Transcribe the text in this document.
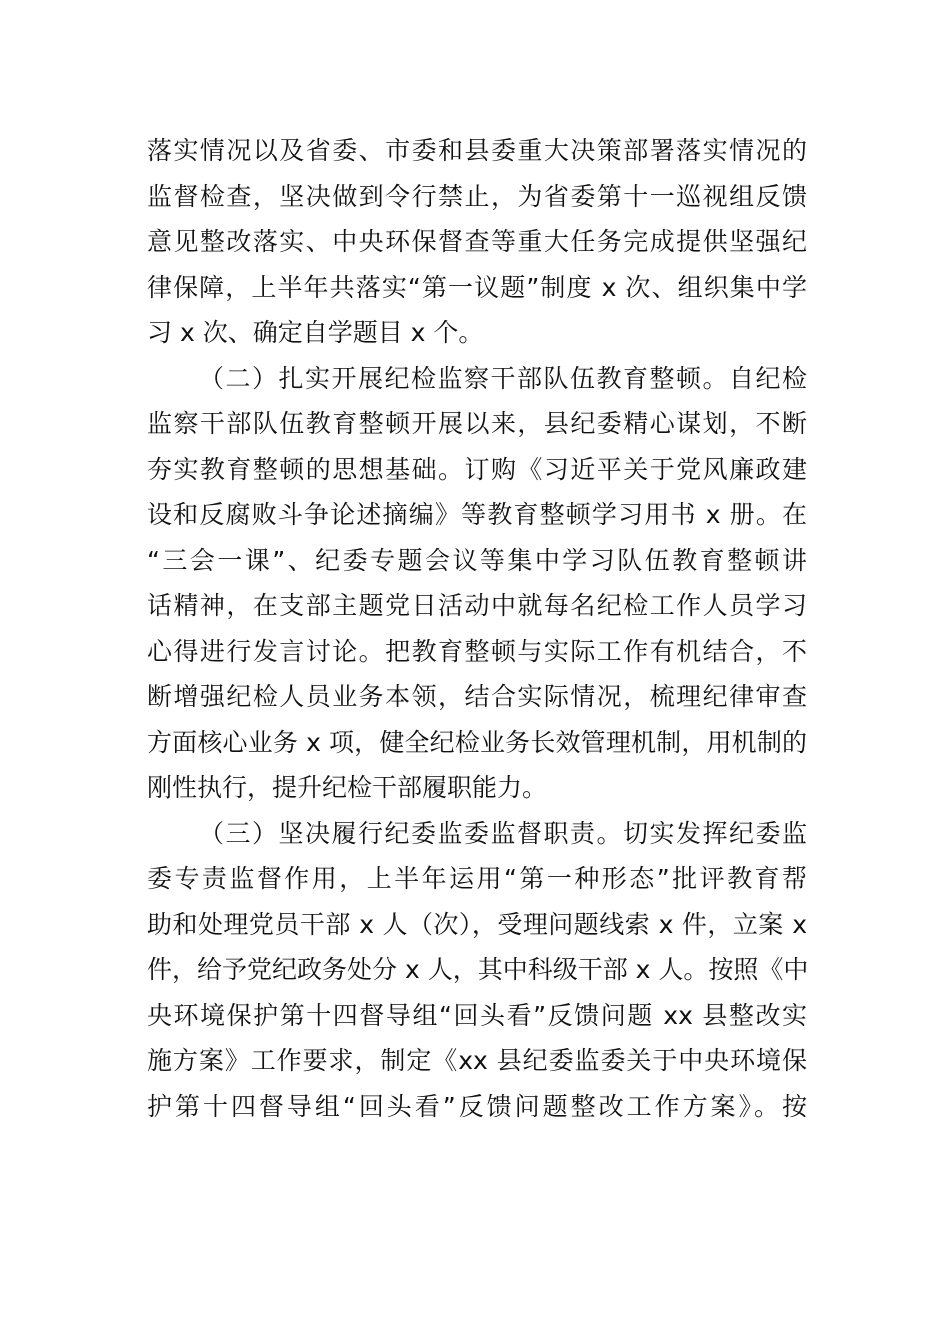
落实情况以及省委、市委和县委重大决策部署落实情况的
监督检查，坚决做到令行禁止，为省委第十一巡视组反馈
意见整改落实、中央环保督查等重大任务完成提供坚强纪
律保障，上半年共落实“第一议题”制度 x 次、组织集中学
习 x 次、确定自学题目 x 个。
（二）扎实开展纪检监察干部队伍教育整顿。自纪检
监察干部队伍教育整顿开展以来，县纪委精心谋划，不断
夯实教育整顿的思想基础。订购《习近平关于党风廉政建
设和反腐败斗争论述摘编》等教育整顿学习用书 x 册。在
“三会一课”、纪委专题会议等集中学习队伍教育整顿讲
话精神，在支部主题党日活动中就每名纪检工作人员学习
心得进行发言讨论。把教育整顿与实际工作有机结合，不
断增强纪检人员业务本领，结合实际情况，梳理纪律审查
方面核心业务 x 项，健全纪检业务长效管理机制，用机制的
刚性执行，提升纪检干部履职能力。
（三）坚决履行纪委监委监督职责。切实发挥纪委监
委专责监督作用，上半年运用“第一种形态”批评教育帮
助和处理党员干部 x 人（次），受理问题线索 x 件，立案 x
件，给予党纪政务处分 x 人，其中科级干部 x 人。按照《中
央环境保护第十四督导组“回头看”反馈问题 xx 县整改实
施方案》工作要求，制定《xx 县纪委监委关于中央环境保
护第十四督导组“回头看”反馈问题整改工作方案》。按
